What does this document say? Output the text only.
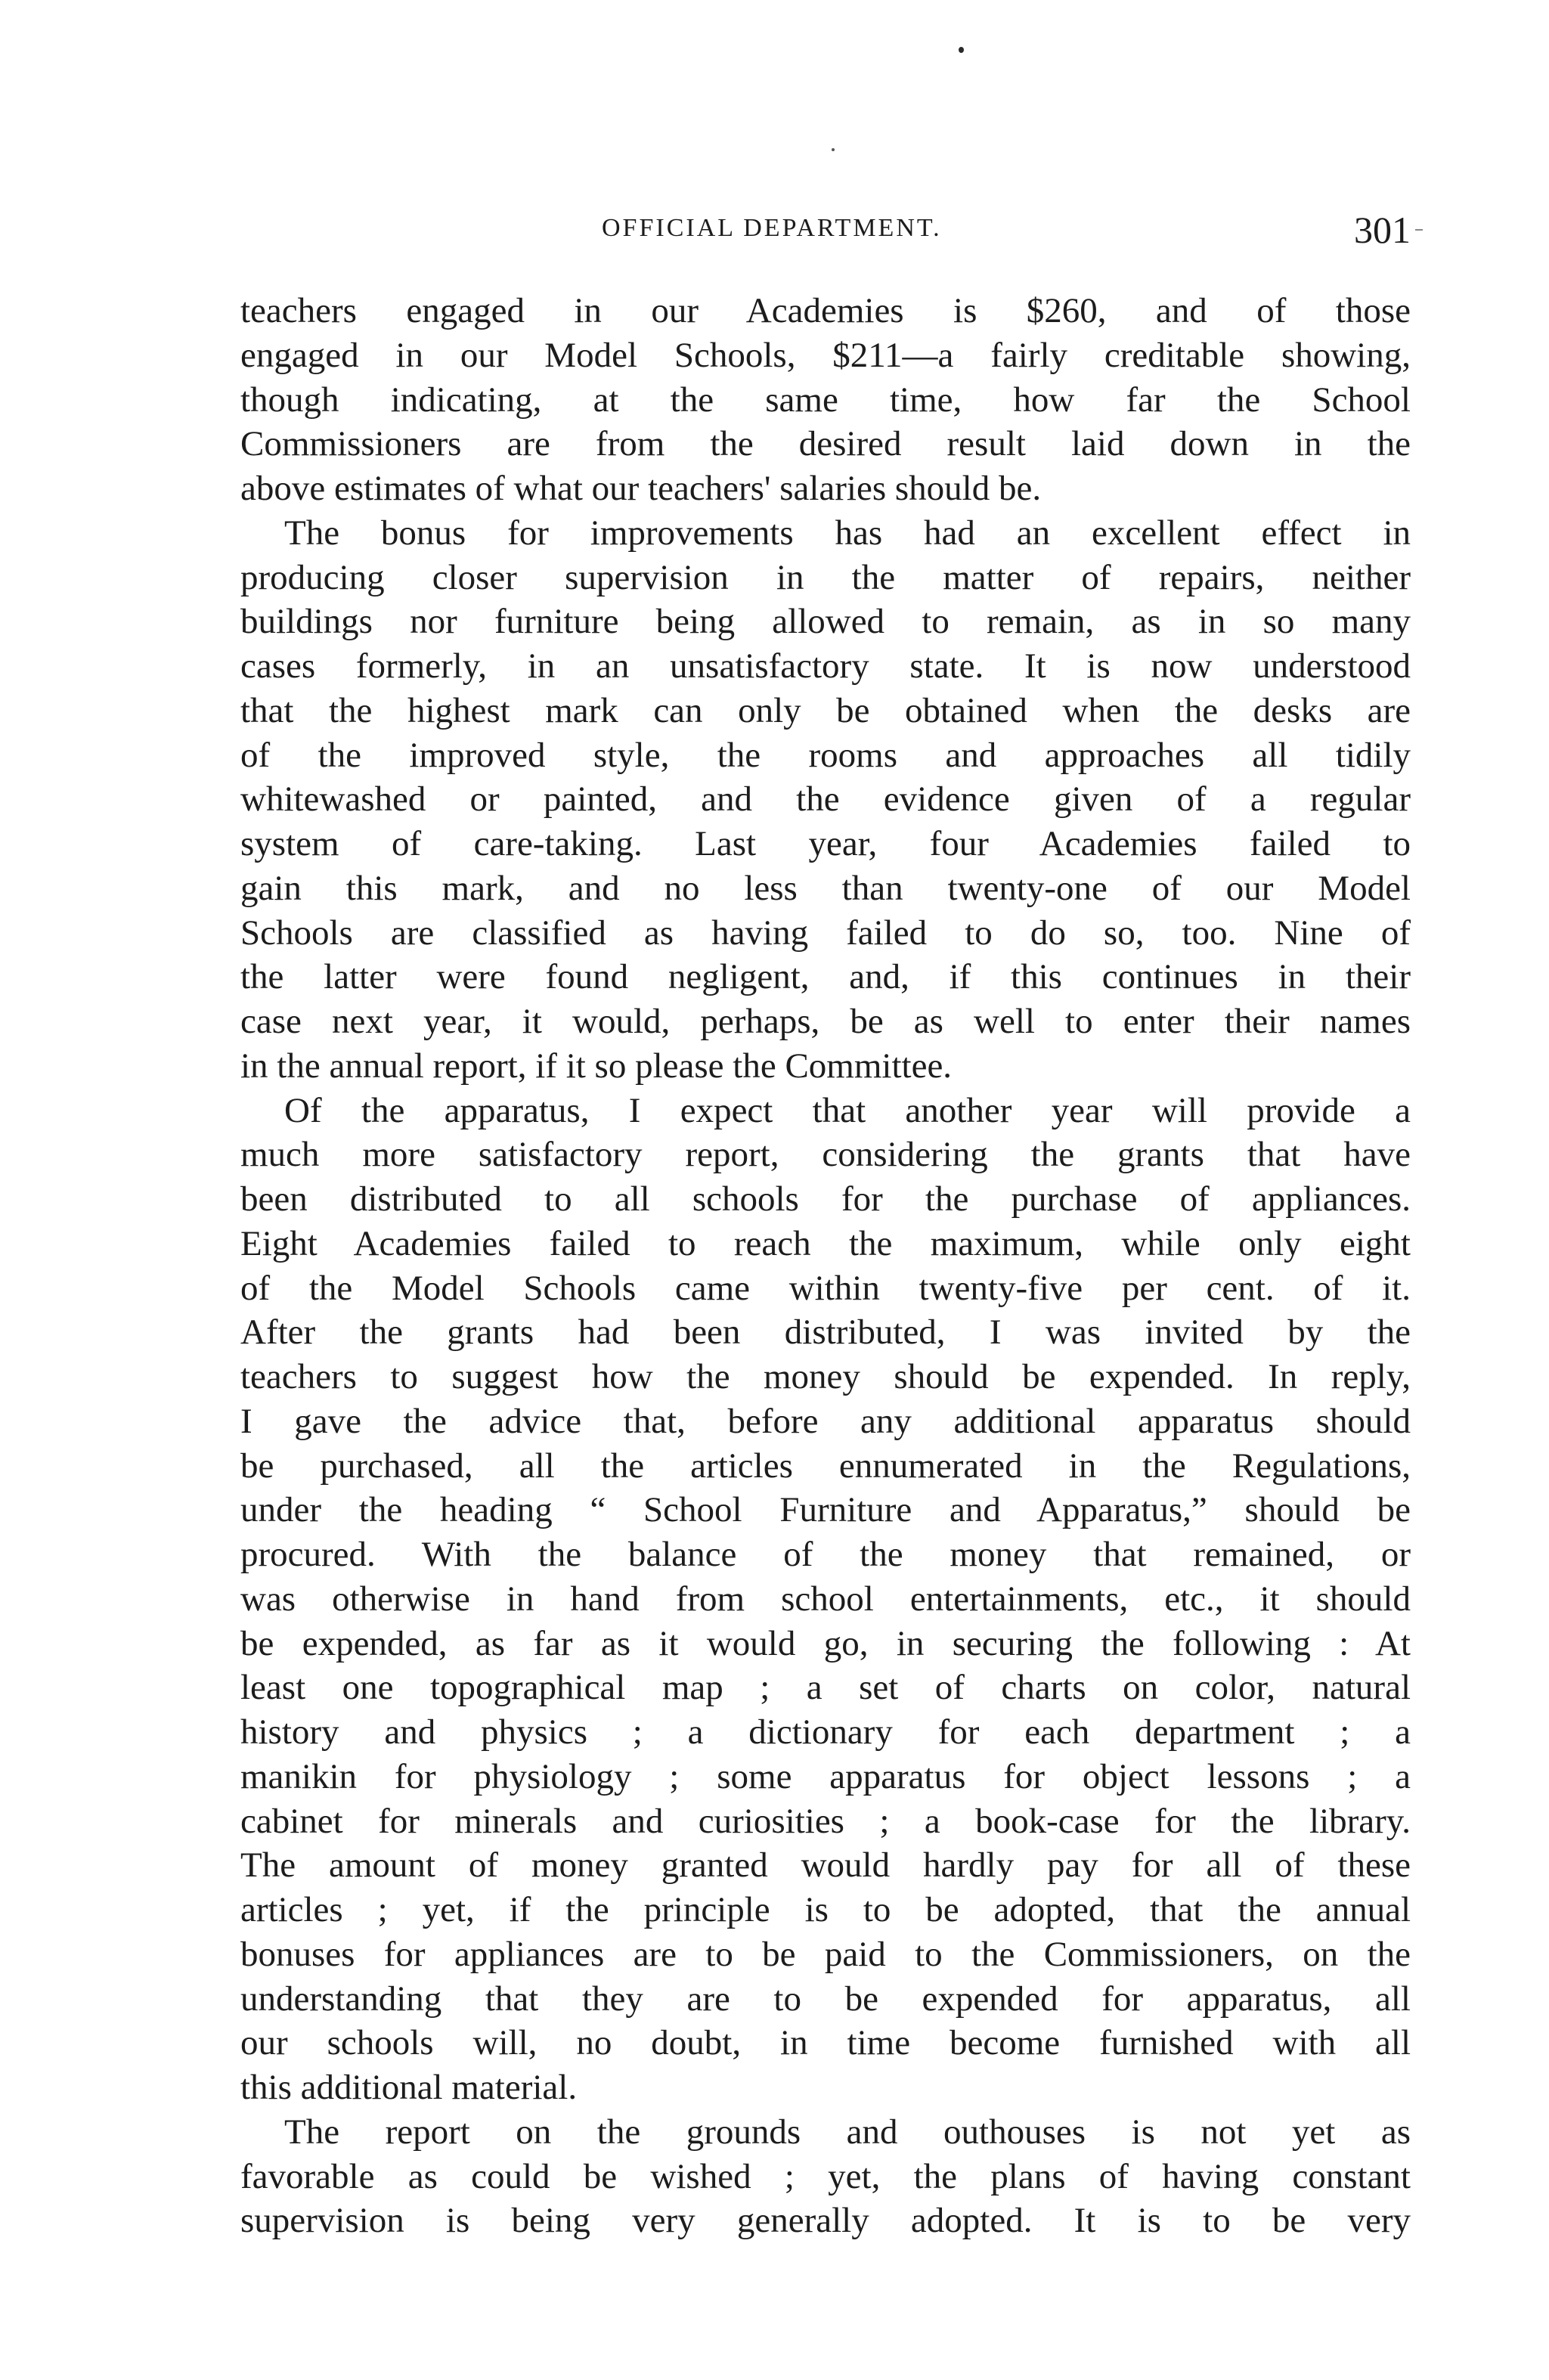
OFFICIAL DEPARTMENT.	301
teachers engaged in our Academies is $260, and of those
engaged in our Model Schools, $211—a fairly creditable showing,
though indicating, at the same time, how far the School
Commissioners are from the desired result laid down in the
above estimates of what our teachers' salaries should be.
The bonus for improvements has had an excellent effect in
producing closer supervision in the matter of repairs, neither
buildings nor furniture being allowed to remain, as in so many
cases formerly, in an unsatisfactory state. It is now understood
that the highest mark can only be obtained when the desks are
of the improved style, the rooms and approaches all tidily
whitewashed or painted, and the evidence given of a regular
system of care-taking. Last year, four Academies failed to
gain this mark, and no less than twenty-one of our Model
Schools are classified as having failed to do so, too. Nine of
the latter were found negligent, and, if this continues in their
case next year, it would, perhaps, be as well to enter their names
in the annual report, if it so please the Committee.
Of the apparatus, I expect that another year will provide a
much more satisfactory report, considering the grants that have
been distributed to all schools for the purchase of appliances.
Eight Academies failed to reach the maximum, while only eight
of the Model Schools came within twenty-five per cent. of it.
After the grants had been distributed, I was invited by the
teachers to suggest how the money should be expended. In reply,
I gave the advice that, before any additional apparatus should
be purchased, all the articles ennumerated in the Regulations,
under the heading “ School Furniture and Apparatus,” should be
procured. With the balance of the money that remained, or
was otherwise in hand from school entertainments, etc., it should
be expended, as far as it would go, in securing the following : At
least one topographical map ; a set of charts on color, natural
history and physics ; a dictionary for each department ; a
manikin for physiology ; some apparatus for object lessons ; a
cabinet for minerals and curiosities ; a book-case for the library.
The amount of money granted would hardly pay for all of these
articles ; yet, if the principle is to be adopted, that the annual
bonuses for appliances are to be paid to the Commissioners, on the
understanding that they are to be expended for apparatus, all
our schools will, no doubt, in time become furnished with all
this additional material.
The report on the grounds and outhouses is not yet as
favorable as could be wished ; yet, the plans of having constant
supervision is being very generally adopted. It is to be very
